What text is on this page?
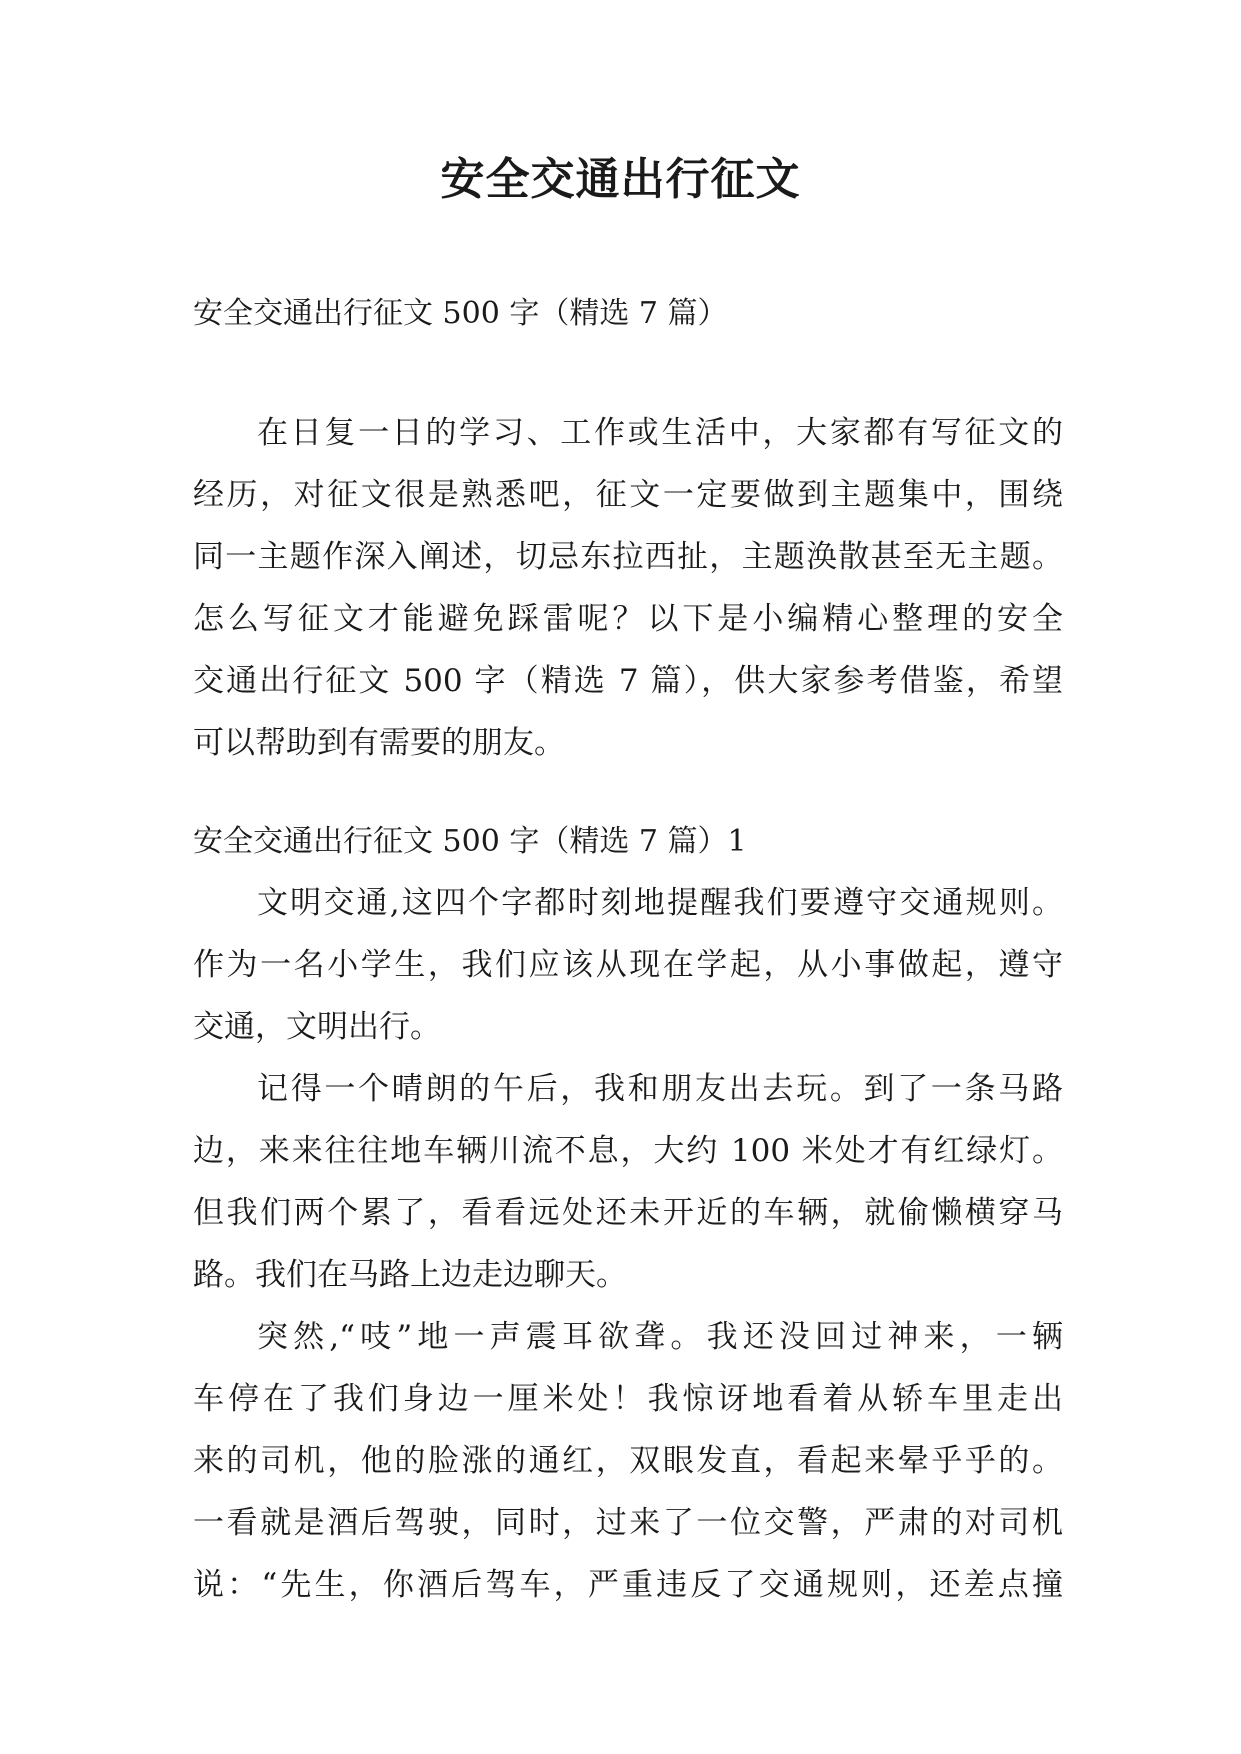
安全交通出行征文

安全交通出行征文 500 字（精选 7 篇）

在日复一日的学习、工作或生活中，大家都有写征文的
经历，对征文很是熟悉吧，征文一定要做到主题集中，围绕
同一主题作深入阐述，切忌东拉西扯，主题涣散甚至无主题。
怎么写征文才能避免踩雷呢？以下是小编精心整理的安全
交通出行征文 500 字（精选 7 篇），供大家参考借鉴，希望
可以帮助到有需要的朋友。

安全交通出行征文 500 字（精选 7 篇）1

文明交通,这四个字都时刻地提醒我们要遵守交通规则。
作为一名小学生，我们应该从现在学起，从小事做起，遵守
交通，文明出行。
记得一个晴朗的午后，我和朋友出去玩。到了一条马路
边，来来往往地车辆川流不息，大约 100 米处才有红绿灯。
但我们两个累了，看看远处还未开近的车辆，就偷懒横穿马
路。我们在马路上边走边聊天。
突然,“吱”地一声震耳欲聋。我还没回过神来，一辆
车停在了我们身边一厘米处！我惊讶地看着从轿车里走出
来的司机，他的脸涨的通红，双眼发直，看起来晕乎乎的。
一看就是酒后驾驶，同时，过来了一位交警，严肃的对司机
说：“先生，你酒后驾车，严重违反了交通规则，还差点撞
